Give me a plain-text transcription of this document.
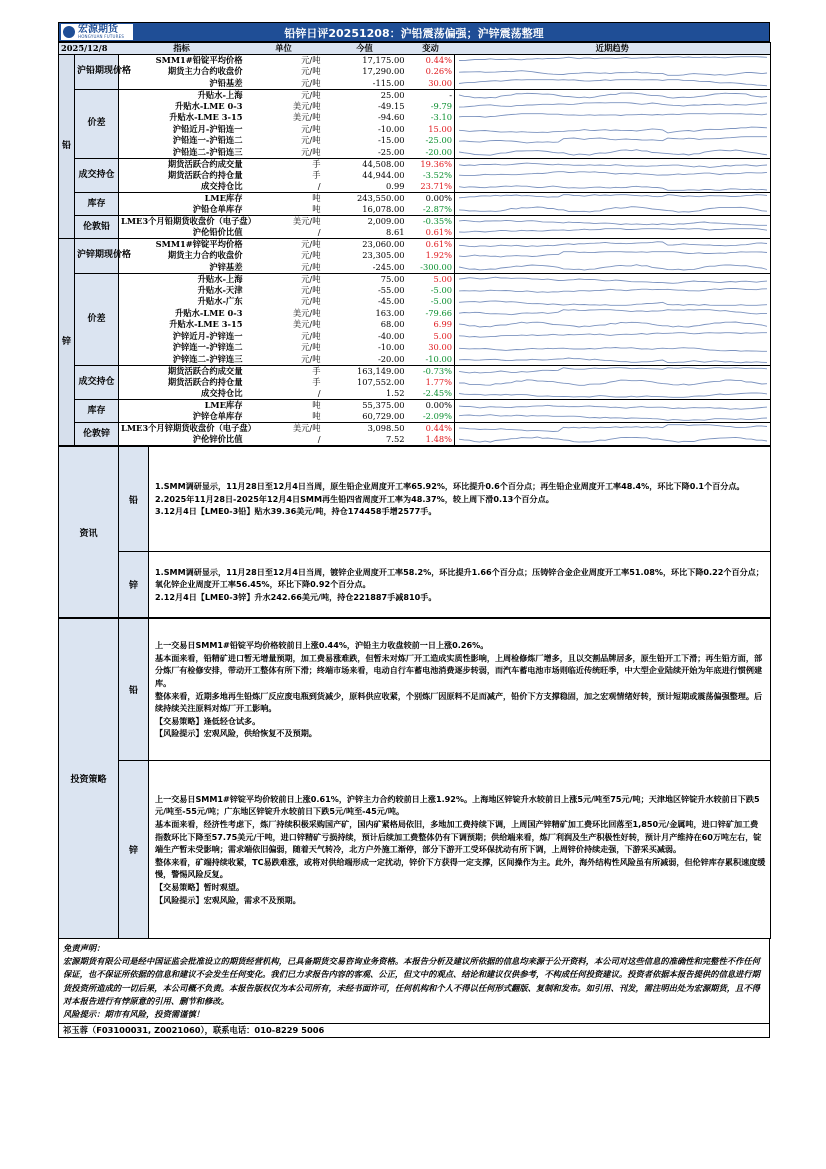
宏源期货
HONGYUAN FUTURES	铅锌日评20251208：沪铅震荡偏强；沪锌震荡整理
2025/12/8		指标	单位	今值	变动	近期趋势
铅	沪铅期现价格	SMM1#铅锭平均价格	元/吨	17,175.00	0.44%	

		期货主力合约收盘价	元/吨	17,290.00	0.26%	

		沪铅基差	元/吨	-115.00	30.00	

	价差	升贴水-上海	元/吨	25.00	-	

		升贴水-LME 0-3	美元/吨	-49.15	-9.79	

		升贴水-LME 3-15	美元/吨	-94.60	-3.10	

		沪铅近月-沪铅连一	元/吨	-10.00	15.00	

		沪铅连一-沪铅连二	元/吨	-15.00	-25.00	

		沪铅连二-沪铅连三	元/吨	-25.00	-20.00	

	成交持仓	期货活跃合约成交量	手	44,508.00	19.36%	

		期货活跃合约持仓量	手	44,944.00	-3.52%	

		成交持仓比	/	0.99	23.71%	

	库存	LME库存	吨	243,550.00	0.00%	

		沪铅仓单库存	吨	16,078.00	-2.87%	

	伦敦铅	LME3个月铅期货收盘价（电子盘）	美元/吨	2,009.00	-0.35%	

		沪伦铅价比值	/	8.61	0.61%	

锌	沪锌期现价格	SMM1#锌锭平均价格	元/吨	23,060.00	0.61%	

		期货主力合约收盘价	元/吨	23,305.00	1.92%	

		沪锌基差	元/吨	-245.00	-300.00	

	价差	升贴水-上海	元/吨	75.00	5.00	

		升贴水-天津	元/吨	-55.00	-5.00	

		升贴水-广东	元/吨	-45.00	-5.00	

		升贴水-LME 0-3	美元/吨	163.00	-79.66	

		升贴水-LME 3-15	美元/吨	68.00	6.99	

		沪锌近月-沪锌连一	元/吨	-40.00	5.00	

		沪锌连一-沪锌连二	元/吨	-10.00	30.00	

		沪锌连二-沪锌连三	元/吨	-20.00	-10.00	

	成交持仓	期货活跃合约成交量	手	163,149.00	-0.73%	

		期货活跃合约持仓量	手	107,552.00	1.77%	

		成交持仓比	/	1.52	-2.45%	

	库存	LME库存	吨	55,375.00	0.00%	

		沪锌仓单库存	吨	60,729.00	-2.09%	

	伦敦锌	LME3个月锌期货收盘价（电子盘）	美元/吨	3,098.50	0.44%	

		沪伦锌价比值	/	7.52	1.48%	
资讯	铅	1.SMM调研显示，11月28日至12月4日当周，原生铅企业周度开工率65.92%，环比提升0.6个百分点；再生铅企业周度开工率48.4%，环比下降0.1个百分点。

2.2025年11月28日-2025年12月4日SMM再生铅四省周度开工率为48.37%，较上周下滑0.13个百分点。

3.12月4日【LME0-3铅】贴水39.36美元/吨，持仓174458手增2577手。

	锌	1.SMM调研显示，11月28日至12月4日当周，镀锌企业周度开工率58.2%，环比提升1.66个百分点；压铸锌合金企业周度开工率51.08%，环比下降0.22个百分点；氧化锌企业周度开工率56.45%，环比下降0.92个百分点。

2.12月4日【LME0-3锌】升水242.66美元/吨，持仓221887手减810手。

投资策略	铅	上一交易日SMM1#铅锭平均价格较前日上涨0.44%，沪铅主力收盘较前一日上涨0.26%。

基本面来看，铅精矿进口暂无增量预期，加工费易涨难跌，但暂未对炼厂开工造成实质性影响，上周检修炼厂增多，且以交割品牌居多，原生铅开工下滑；再生铅方面，部分炼厂有检修安排，带动开工整体有所下滑；终端市场来看，电动自行车蓄电池消费逐步转弱，而汽车蓄电池市场则临近传统旺季，中大型企业陆续开始为年底进行惯例建库。

整体来看，近期多地再生铅炼厂反应废电瓶到货减少，原料供应收紧，个别炼厂因原料不足而减产，铅价下方支撑稳固，加之宏观情绪好转，预计短期或震荡偏强整理。后续持续关注原料对炼厂开工影响。

【交易策略】逢低轻仓试多。

【风险提示】宏观风险，供给恢复不及预期。

	锌	上一交易日SMM1#锌锭平均价较前日上涨0.61%，沪锌主力合约较前日上涨1.92%。上海地区锌锭升水较前日上涨5元/吨至75元/吨；天津地区锌锭升水较前日下跌5元/吨至-55元/吨；广东地区锌锭升水较前日下跌5元/吨至-45元/吨。

基本面来看，经济性考虑下，炼厂持续积极采购国产矿，国内矿紧格局依旧，多地加工费持续下调，上周国产锌精矿加工费环比回落至1,850元/金属吨，进口锌矿加工费指数环比下降至57.75美元/干吨，进口锌精矿亏损持续，预计后续加工费整体仍有下调预期；供给端来看，炼厂利润及生产积极性好转，预计月产维持在60万吨左右，锭端生产暂未受影响；需求端依旧偏弱，随着天气转冷，北方户外施工渐停，部分下游开工受环保扰动有所下调，上周锌价持续走强，下游采买减弱。

整体来看，矿端持续收紧，TC易跌难涨，或将对供给端形成一定扰动，锌价下方获得一定支撑，区间操作为主。此外，海外结构性风险虽有所减弱，但伦锌库存累积速度缓慢，警惕风险反复。

【交易策略】暂时观望。

【风险提示】宏观风险，需求不及预期。

免责声明：
宏源期货有限公司是经中国证监会批准设立的期货经营机构，已具备期货交易咨询业务资格。本报告分析及建议所依据的信息均来源于公开资料，本公司对这些信息的准确性和完整性不作任何保证，也不保证所依据的信息和建议不会发生任何变化。我们已力求报告内容的客观、公正，但文中的观点、结论和建议仅供参考，不构成任何投资建议。投资者依据本报告提供的信息进行期货投资所造成的一切后果，本公司概不负责。本报告版权仅为本公司所有，未经书面许可，任何机构和个人不得以任何形式翻版、复制和发布。如引用、刊发，需注明出处为宏源期货，且不得对本报告进行有悖原意的引用、删节和修改。
风险提示：期市有风险，投资需谨慎！
祁玉蓉（F03100031, Z0021060），联系电话：010-8229 5006
